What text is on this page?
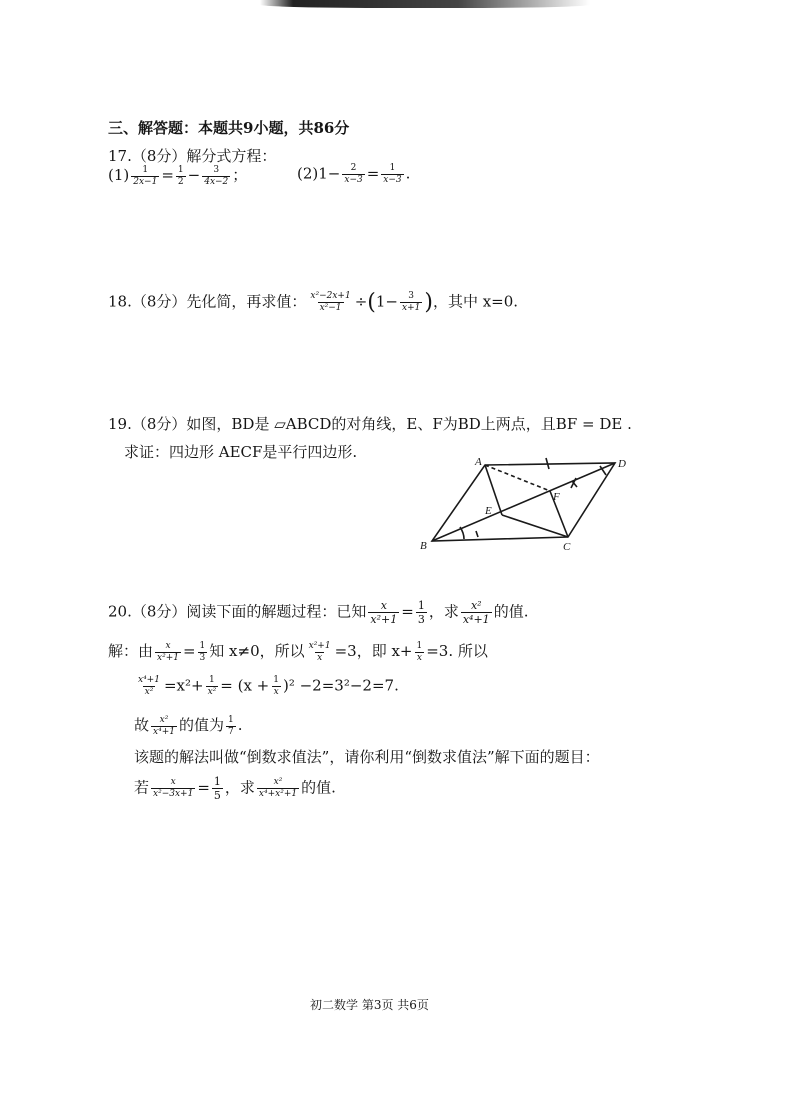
三、解答题：本题共9小题，共86分
17.（8分）解分式方程：
$(1) \frac{1}{2x-1} = \frac{1}{2} - \frac{3}{4x-2}$ ；	$(2)1- \frac{2}{x-3} = \frac{1}{x-3}$ .
18.（8分）先化简，再求值： $\frac{\text{x²−2x+1}}{\text{x²−1}} \div(1- \frac{3}{x+1}$ )，其中 x=0.
19.（8分）如图，BD是 ▱ABCD的对角线，E、F为BD上两点，且BF = DE .
求证：四边形 AECF是平行四边形.
A
B	C
D
E
F
20.（8分）阅读下面的解题过程：已知 $\frac{x}{\text{x²+1}} = \frac{1}{3}$ ，求 $\frac{\text{x²}}{\text{x⁴+1}}$ 的值.
解：由 $\frac{x}{\text{x²+1}} = \frac{1}{3}$ 知 x≠0，所以 $\frac{\text{x²+1}}{x} =3$，即 $x+ \frac{1}{x} =3$. 所以
$\frac{\text{x⁴+1}}{\text{x²}} =x^2+ \frac{1}{\text{x²}} = (x + \frac{1}{x} )^2 -2=3^2-2=7$.
故 $\frac{\text{x²}}{\text{x⁴+1}}$ 的值为 $\frac{1}{7}$ .
该题的解法叫做“倒数求值法”，请你利用“倒数求值法”解下面的题目：
若 $\frac{x}{\text{x²−3x+1}} = \frac{1}{5}$ ，求 $\frac{\text{x²}}{\text{x⁴+x²+1}}$ 的值.
初二数学 第3页 共6页
